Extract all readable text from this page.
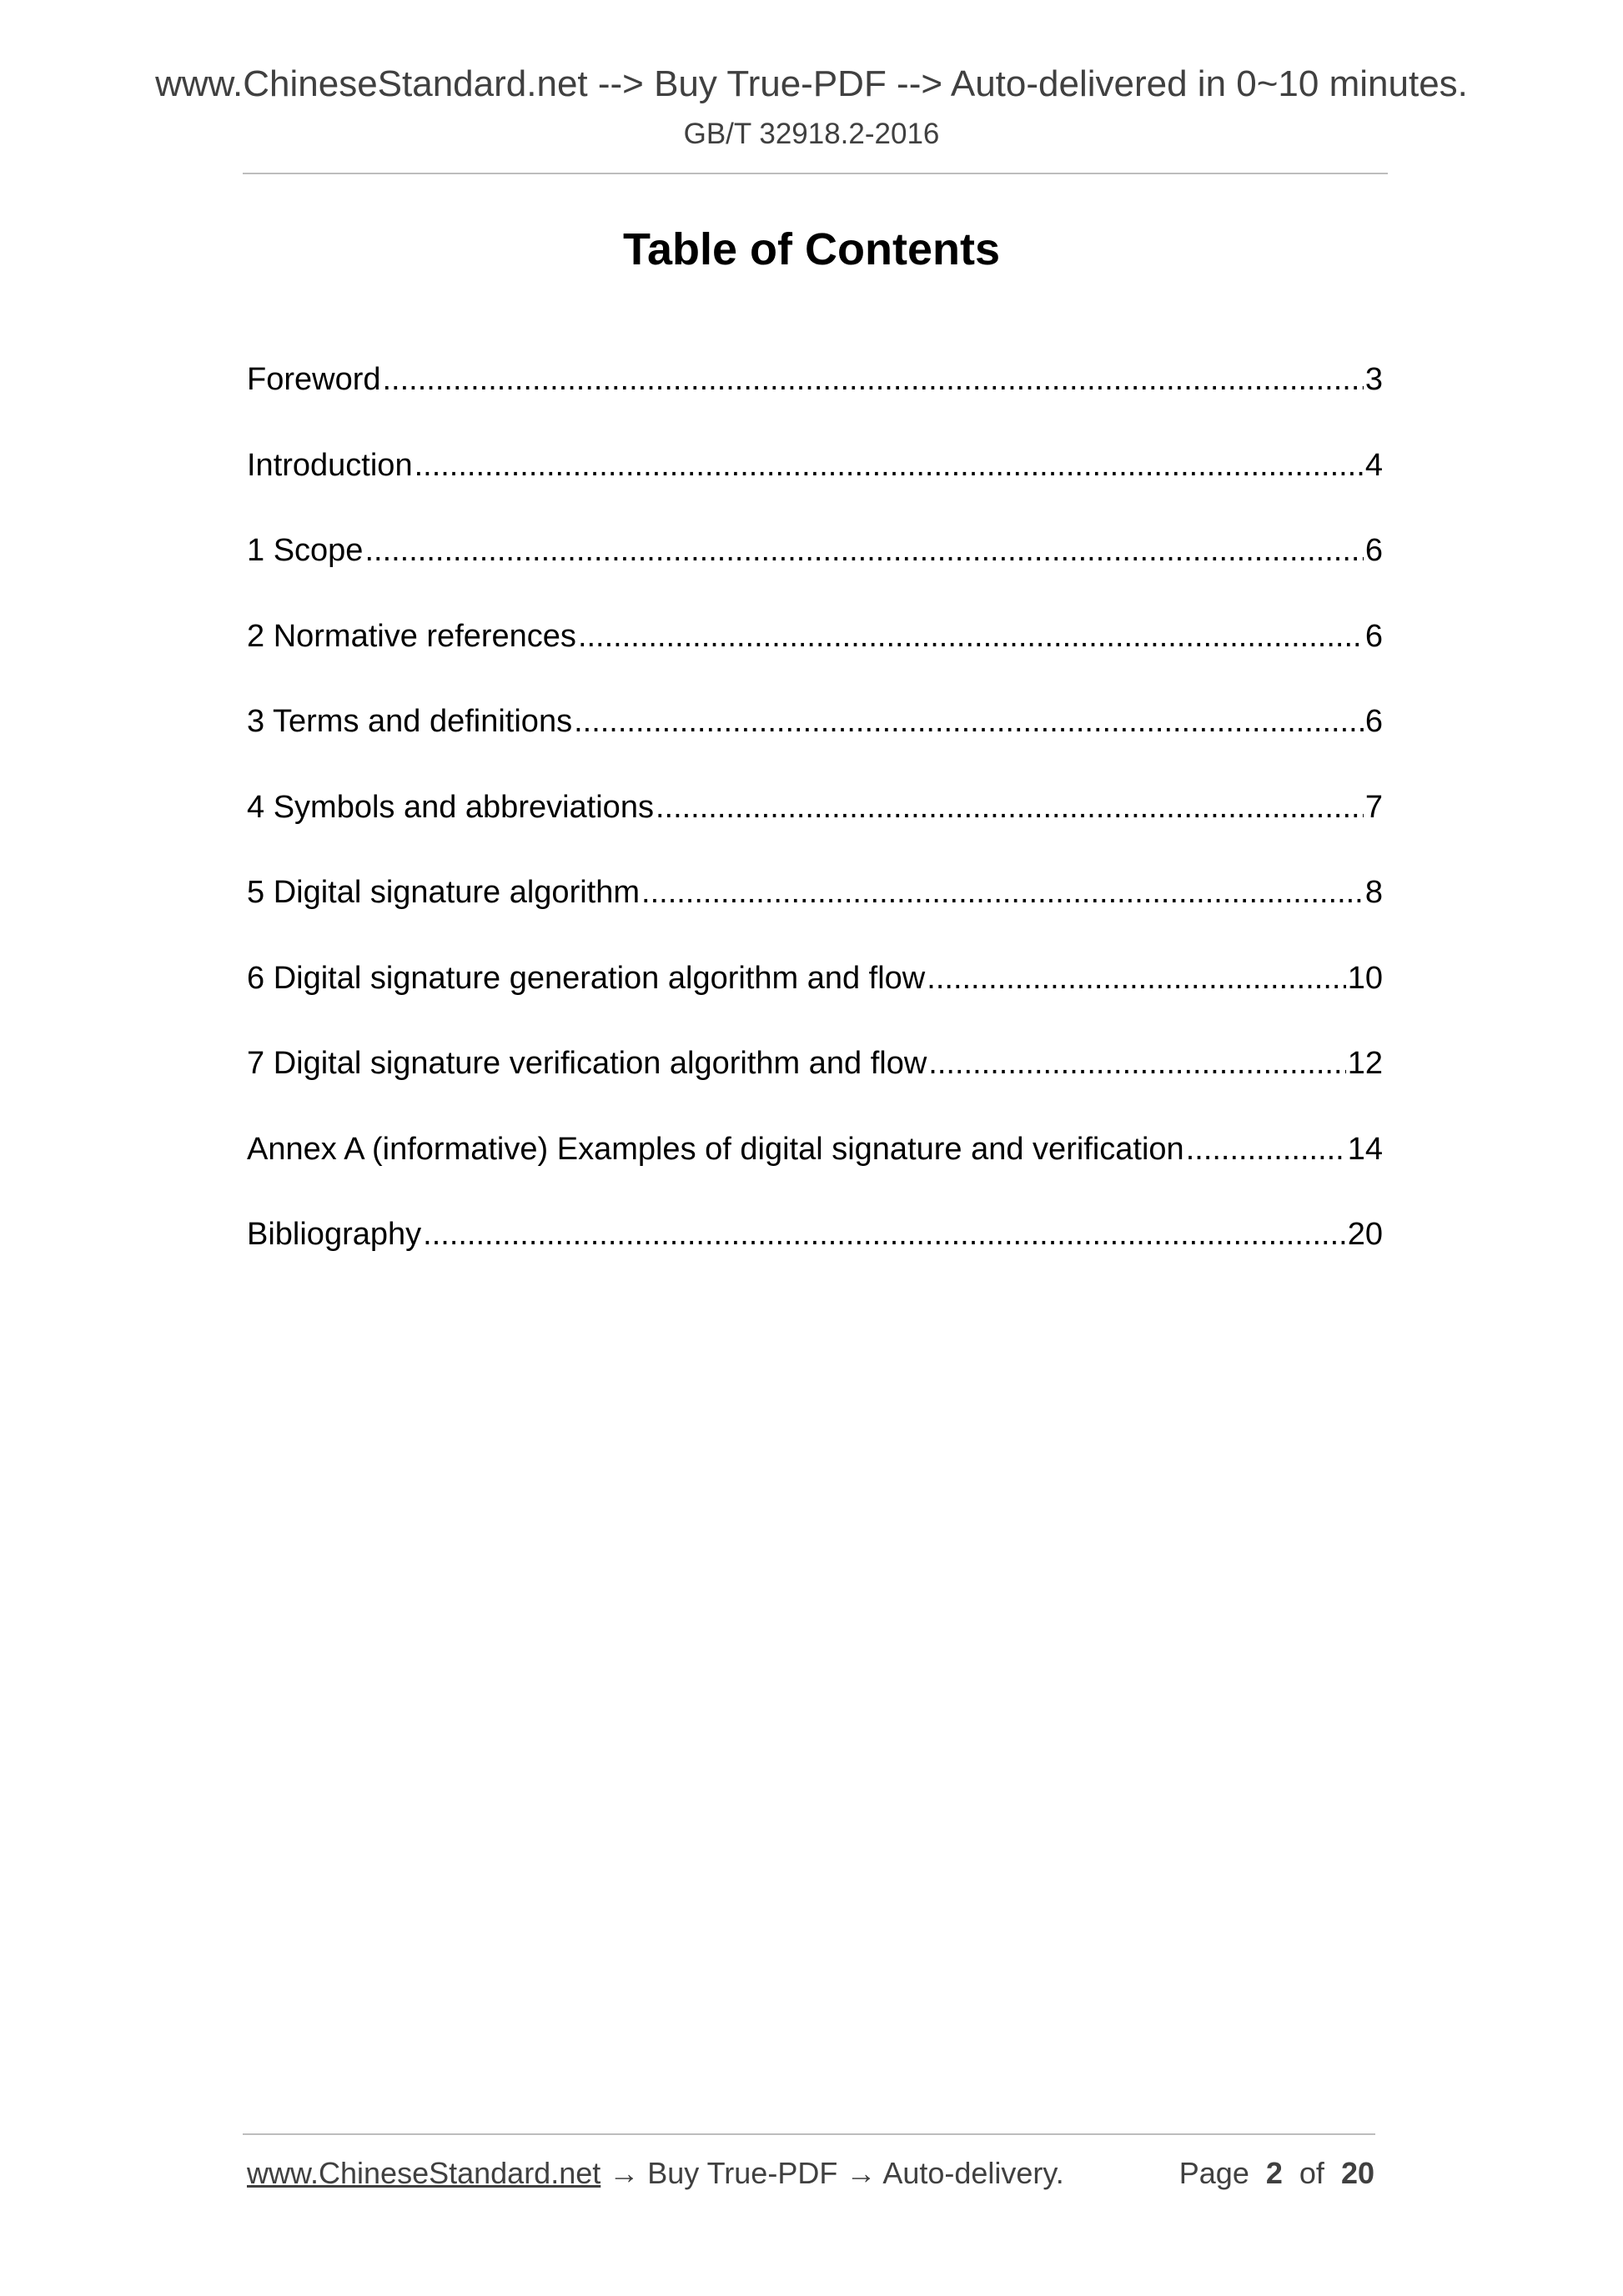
www.ChineseStandard.net --> Buy True-PDF --> Auto-delivered in 0~10 minutes.
GB/T 32918.2-2016
Table of Contents
Foreword .....	3
Introduction .....	4
1 Scope .....	6
2 Normative references .....	6
3 Terms and definitions .....	6
4 Symbols and abbreviations .....	7
5 Digital signature algorithm .....	8
6 Digital signature generation algorithm and flow .....	10
7 Digital signature verification algorithm and flow .....	12
Annex A (informative) Examples of digital signature and verification .....	14
Bibliography .....	20
www.ChineseStandard.net → Buy True-PDF → Auto-delivery.	Page 2 of 20
